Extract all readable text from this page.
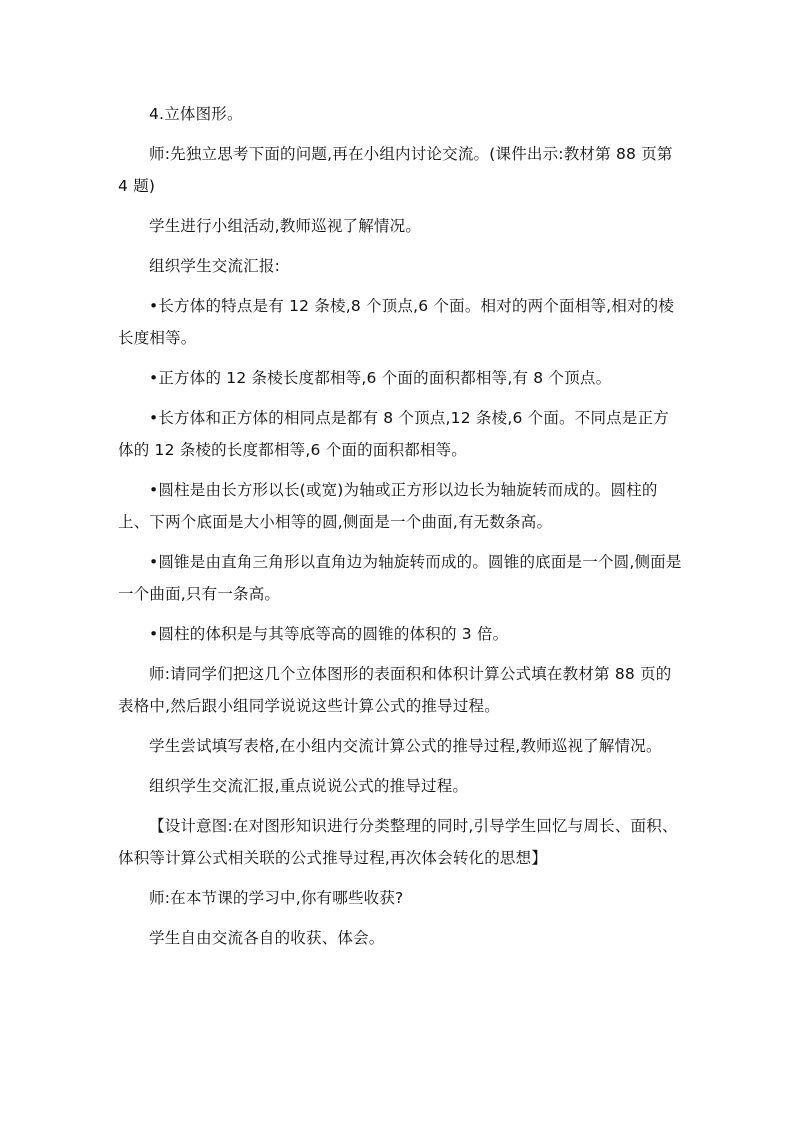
4.立体图形。

师:先独立思考下面的问题,再在小组内讨论交流。(课件出示:教材第 88 页第 4 题)

学生进行小组活动,教师巡视了解情况。

组织学生交流汇报:

•长方体的特点是有 12 条棱,8 个顶点,6 个面。相对的两个面相等,相对的棱长度相等。

•正方体的 12 条棱长度都相等,6 个面的面积都相等,有 8 个顶点。

•长方体和正方体的相同点是都有 8 个顶点,12 条棱,6 个面。不同点是正方体的 12 条棱的长度都相等,6 个面的面积都相等。

•圆柱是由长方形以长(或宽)为轴或正方形以边长为轴旋转而成的。圆柱的上、下两个底面是大小相等的圆,侧面是一个曲面,有无数条高。

•圆锥是由直角三角形以直角边为轴旋转而成的。圆锥的底面是一个圆,侧面是一个曲面,只有一条高。

•圆柱的体积是与其等底等高的圆锥的体积的 3 倍。

师:请同学们把这几个立体图形的表面积和体积计算公式填在教材第 88 页的表格中,然后跟小组同学说说这些计算公式的推导过程。

学生尝试填写表格,在小组内交流计算公式的推导过程,教师巡视了解情况。

组织学生交流汇报,重点说说公式的推导过程。

【设计意图:在对图形知识进行分类整理的同时,引导学生回忆与周长、面积、体积等计算公式相关联的公式推导过程,再次体会转化的思想】

师:在本节课的学习中,你有哪些收获?

学生自由交流各自的收获、体会。
